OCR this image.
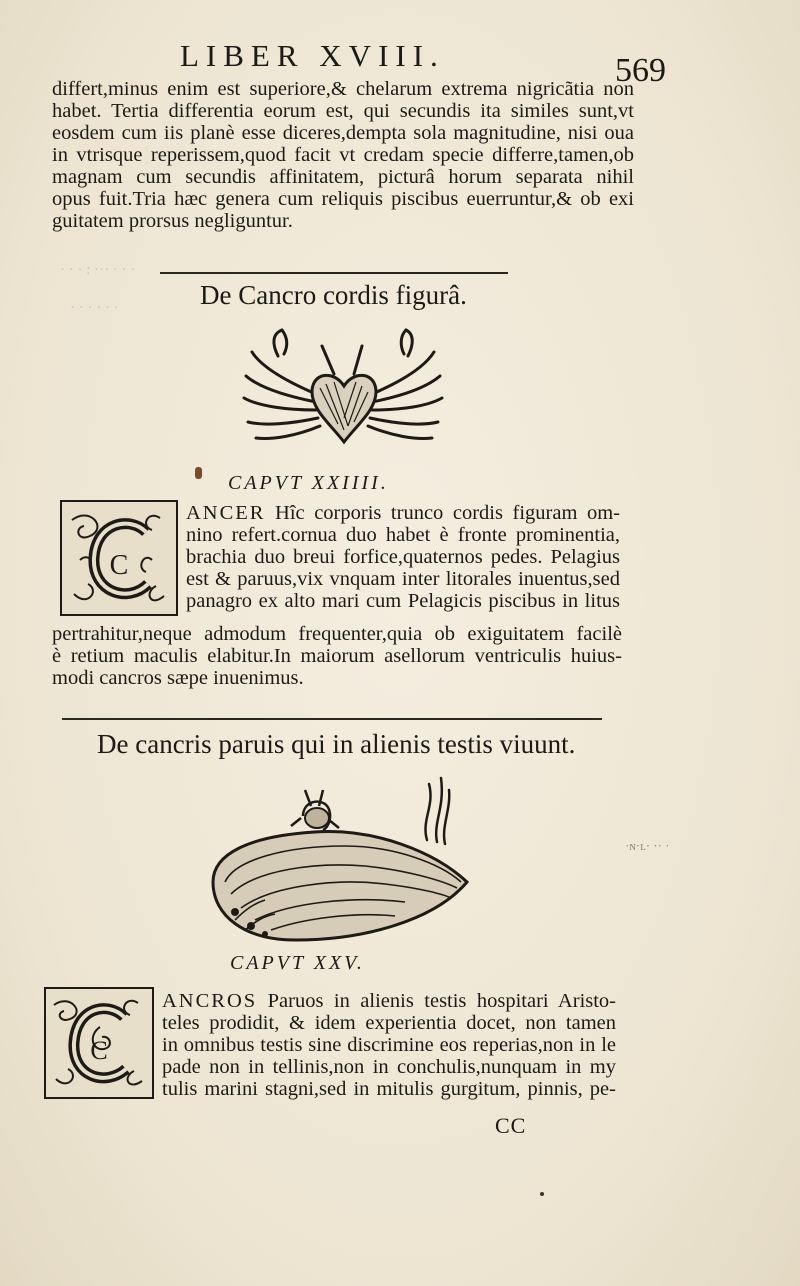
LIBER XVIII.	569
differt,minus enim est superiore,& chelarum extrema nigricãtia non
habet. Tertia differentia eorum est, qui secundis ita similes sunt,vt
eosdem cum iis planè esse diceres,dempta sola magnitudine, nisi oua
in vtrisque reperissem,quod facit vt credam specie differre,tamen,ob
magnam cum secundis affinitatem, picturâ horum separata nihil
opus fuit.Tria hæc genera cum reliquis piscibus euerruntur,& ob exi
guitatem prorsus negliguntur.
· · · : ··· · · ·
· · · · · ·	De Cancro cordis figurâ.
CAPVT XXIIII.
C
ANCER Hîc corporis trunco cordis figuram om-
nino refert.cornua duo habet è fronte prominentia,
brachia duo breui forfice,quaternos pedes. Pelagius
est & paruus,vix vnquam inter litorales inuentus,sed
panagro ex alto mari cum Pelagicis piscibus in litus
pertrahitur,neque admodum frequenter,quia ob exiguitatem facilè
è retium maculis elabitur.In maiorum asellorum ventriculis huius-
modi cancros sæpe inuenimus.
De cancris paruis qui in alienis testis viuunt.
·ɴ·ʟ· ·· ·
CAPVT XXV.
C
ANCROS Paruos in alienis testis hospitari Aristo-
teles prodidit, & idem experientia docet, non tamen
in omnibus testis sine discrimine eos reperias,non in le
pade non in tellinis,non in conchulis,nunquam in my
tulis marini stagni,sed in mitulis gurgitum, pinnis, pe-
CC
